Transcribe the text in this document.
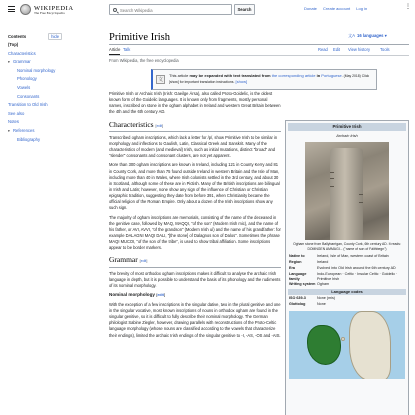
WIKIPEDIA
The Free Encyclopedia
Search Wikipedia
Search	Donate Create account Log in	⋮
Contents	hide
(Top)
Characteristics
▾ Grammar
Nominal morphology
Phonology
Vowels
Consonants
Transition to Old Irish
See also
Notes
▾ References
Bibliography
Primitive Irish	文A 16 languages ▾
Article Talk	Read Edit View history Tools
From Wikipedia, the free encyclopedia
文
This article may be expanded with text translated from the corresponding article in Portuguese. (May 2018) Click [show] for important translation instructions. [show]

Primitive Irish or Archaic Irish (Irish: Gaeilge Ársa), also called Proto-Goidelic, is the oldest known form of the Goidelic languages. It is known only from fragments, mostly personal names, inscribed on stone in the ogham alphabet in Ireland and western Great Britain between the 4th and the 6th century AD.

Characteristics [edit]

Transcribed ogham inscriptions, which lack a letter for /p/, show Primitive Irish to be similar in morphology and inflections to Gaulish, Latin, Classical Greek and Sanskrit. Many of the characteristics of modern (and medieval) Irish, such as initial mutations, distinct "broad" and "slender" consonants and consonant clusters, are not yet apparent.

More than 300 ogham inscriptions are known in Ireland, including 121 in County Kerry and 81 in County Cork, and more than 75 found outside Ireland in western Britain and the Isle of Man, including more than 40 in Wales, where Irish colonists settled in the 3rd century, and about 30 in Scotland, although some of these are in Pictish. Many of the British inscriptions are bilingual in Irish and Latin; however, none show any sign of the influence of Christian or Christian epigraphic tradition, suggesting they date from before 391, when Christianity became the official religion of the Roman Empire. Only about a dozen of the Irish inscriptions show any such sign.

The majority of ogham inscriptions are memorials, consisting of the name of the deceased in the genitive case, followed by MAQ, MAQQI, "of the son" (Modern Irish mic), and the name of his father, or AVI, AVVI, "of the grandson" (Modern Irish uí) and the name of his grandfather: for example DALAGNI MAQI DALI, "[the stone] of Dalagnos son of Dalos". Sometimes the phrase MAQI MUCOI, "of the son of the tribe", is used to show tribal affiliation. Some inscriptions appear to be border markers.

Grammar [edit]

The brevity of most orthodox ogham inscriptions makes it difficult to analyse the archaic Irish language in depth, but it is possible to understand the basis of its phonology and the rudiments of its nominal morphology.

Nominal morphology [edit]

With the exception of a few inscriptions in the singular dative, two in the plural genitive and one in the singular vocative, most known inscriptions of nouns in orthodox ogham are found in the singular genitive, so it is difficult to fully describe their nominal morphology. The German philologist Sabine Ziegler, however, drawing parallels with reconstructions of the Proto-Celtic language morphology (whose nouns are classified according to the vowels that characterize their endings), limited the archaic Irish endings of the singular genitive to -I, -AS, -OS and -AIS.

Primitive Irish
Archaic Irish
Ogham stone from Ballybarrigan, County Cork, 6th century AD. It reads: DOMNGEN AMMAGI... ("name of son of Fáithbegn")
Native to	Ireland, Isle of Man, western coast of Britain
Region	Ireland
Era	Evolved into Old Irish around the 6th century AD
Language family
Indo-European · Celtic · Insular Celtic · Goidelic · Primitive Irish
Writing system Ogham
Language codes
ISO 639-3	None (mis)
Glottolog	None
